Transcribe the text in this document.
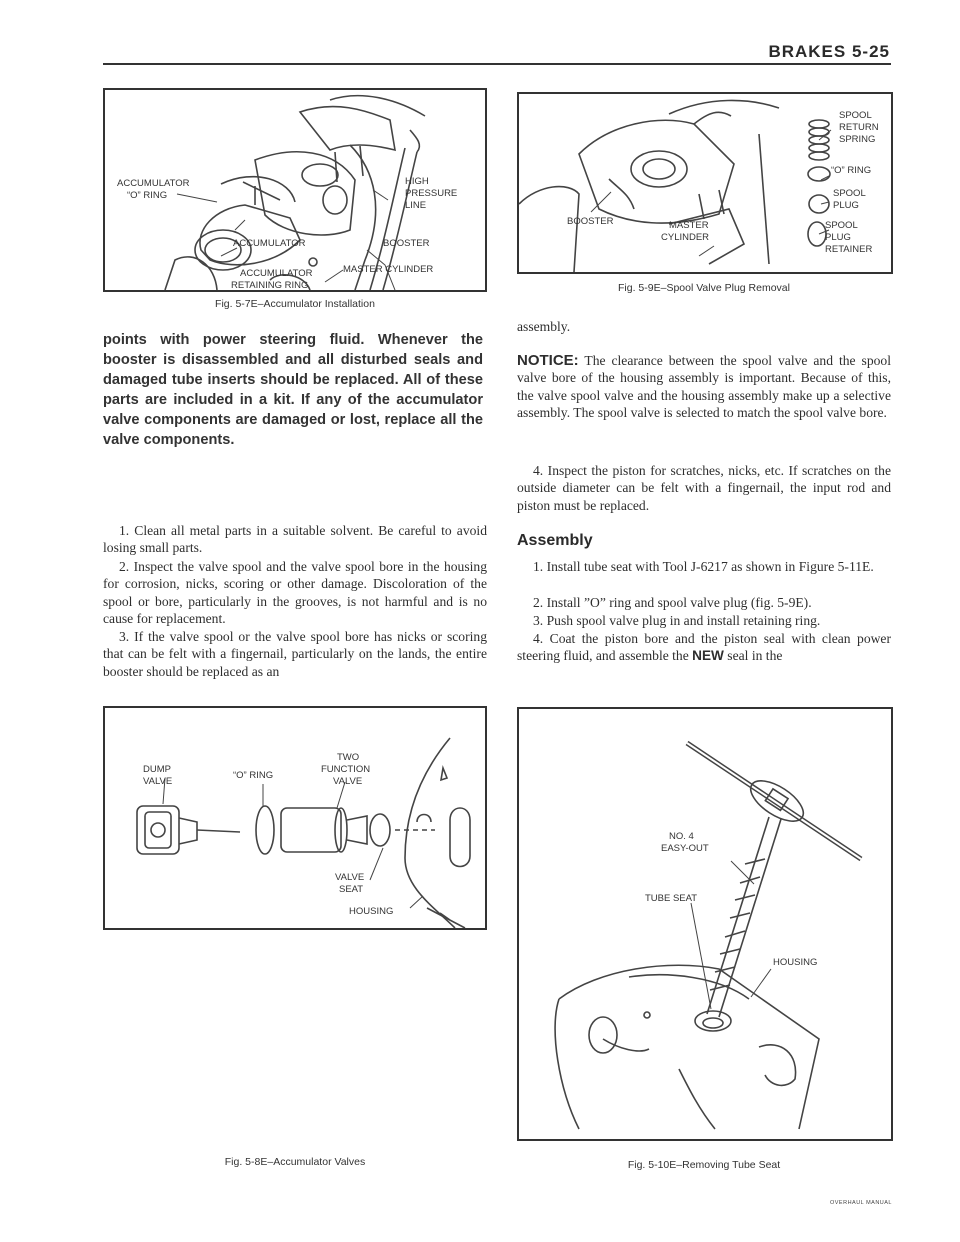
BRAKES 5-25
ACCUMULATOR
“O” RING
HIGH
PRESSURE
LINE
BOOSTER
ACCUMULATOR
ACCUMULATOR
RETAINING RING
MASTER CYLINDER
Fig. 5-7E–Accumulator Installation
SPOOL
RETURN
SPRING
“O” RING
SPOOL
PLUG
BOOSTER	MASTER
CYLINDER
SPOOL
PLUG
RETAINER
Fig. 5-9E–Spool Valve Plug Removal
points with power steering fluid. Whenever the booster is disassembled and all disturbed seals and damaged tube inserts should be replaced. All of these parts are included in a kit. If any of the accumulator valve components are damaged or lost, replace all the valve components.
1. Clean all metal parts in a suitable solvent. Be careful to avoid losing small parts.
2. Inspect the valve spool and the valve spool bore in the housing for corrosion, nicks, scoring or other damage. Discoloration of the spool or bore, particularly in the grooves, is not harmful and is no cause for replacement.
3. If the valve spool or the valve spool bore has nicks or scoring that can be felt with a fingernail, particularly on the lands, the entire booster should be replaced as an
assembly.
NOTICE: The clearance between the spool valve and the spool valve bore of the housing assembly is important. Because of this, the valve spool valve and the housing assembly make up a selective assembly. The spool valve is selected to match the spool valve bore.
4. Inspect the piston for scratches, nicks, etc. If scratches on the outside diameter can be felt with a fingernail, the input rod and piston must be replaced.
Assembly
1. Install tube seat with Tool J-6217 as shown in Figure 5-11E.
2. Install ”O” ring and spool valve plug (fig. 5-9E).
3. Push spool valve plug in and install retaining ring.
4. Coat the piston bore and the piston seal with clean power steering fluid, and assemble the NEW seal in the
DUMP
VALVE
“O” RING
TWO
FUNCTION
VALVE
VALVE
SEAT
HOUSING
Fig. 5-8E–Accumulator Valves
NO. 4
EASY-OUT
TUBE SEAT
HOUSING
Fig. 5-10E–Removing Tube Seat
OVERHAUL MANUAL
